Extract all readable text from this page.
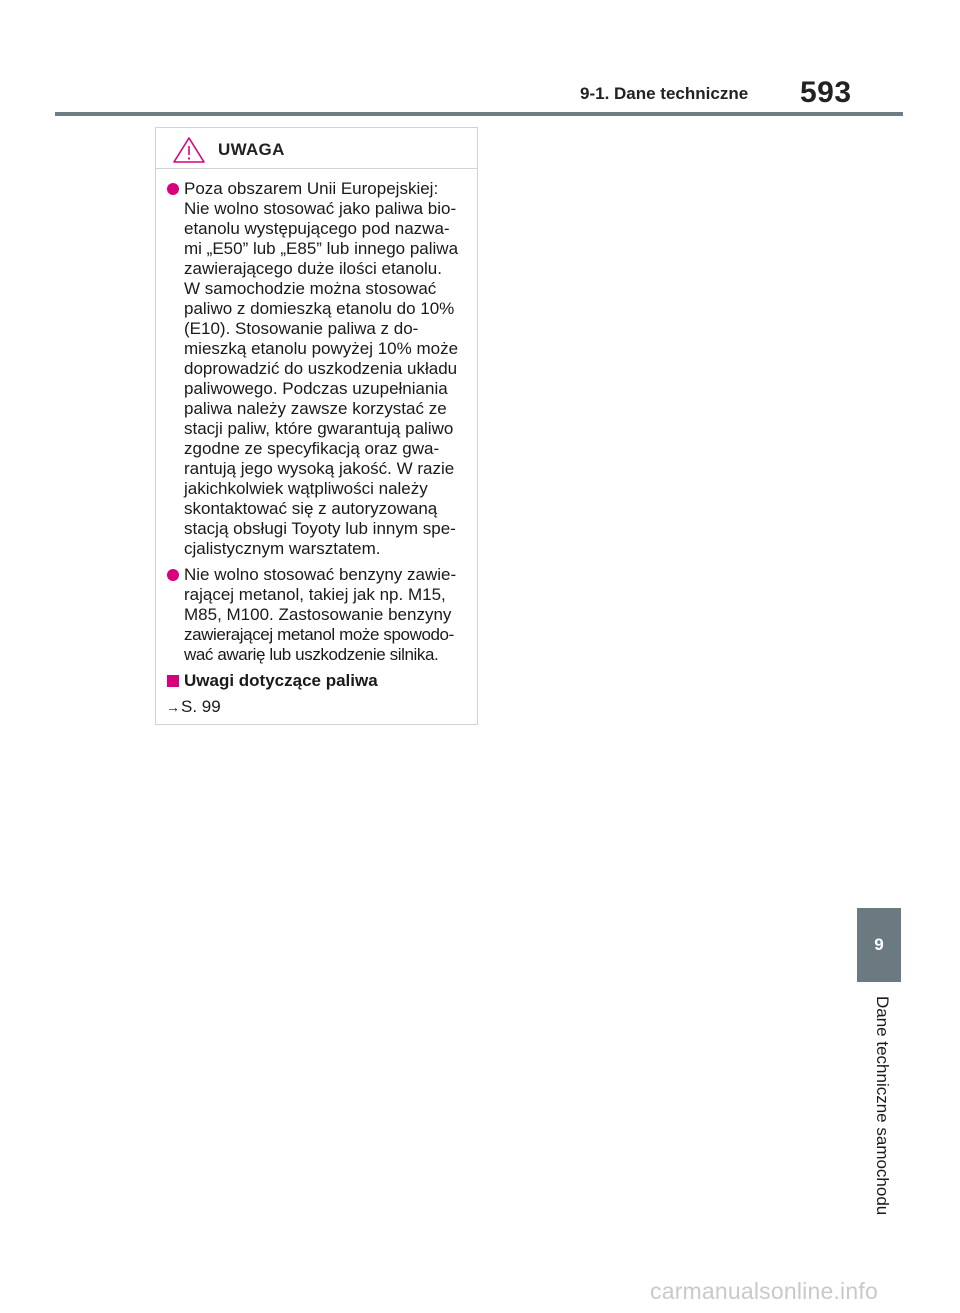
9-1. Dane techniczne 593
UWAGA
Poza obszarem Unii Europejskiej:
Nie wolno stosować jako paliwa bio-
etanolu występującego pod nazwa-
mi „E50” lub „E85” lub innego paliwa
zawierającego duże ilości etanolu.
W samochodzie można stosować
paliwo z domieszką etanolu do 10%
(E10). Stosowanie paliwa z do-
mieszką etanolu powyżej 10% może
doprowadzić do uszkodzenia układu
paliwowego. Podczas uzupełniania
paliwa należy zawsze korzystać ze
stacji paliw, które gwarantują paliwo
zgodne ze specyfikacją oraz gwa-
rantują jego wysoką jakość. W razie
jakichkolwiek wątpliwości należy
skontaktować się z autoryzowaną
stacją obsługi Toyoty lub innym spe-
cjalistycznym warsztatem.
Nie wolno stosować benzyny zawie-
rającej metanol, takiej jak np. M15,
M85, M100. Zastosowanie benzyny
zawierającej metanol może spowodo-
wać awarię lub uszkodzenie silnika.
Uwagi dotyczące paliwa
→S. 99
9
Dane techniczne samochodu
carmanualsonline.info
